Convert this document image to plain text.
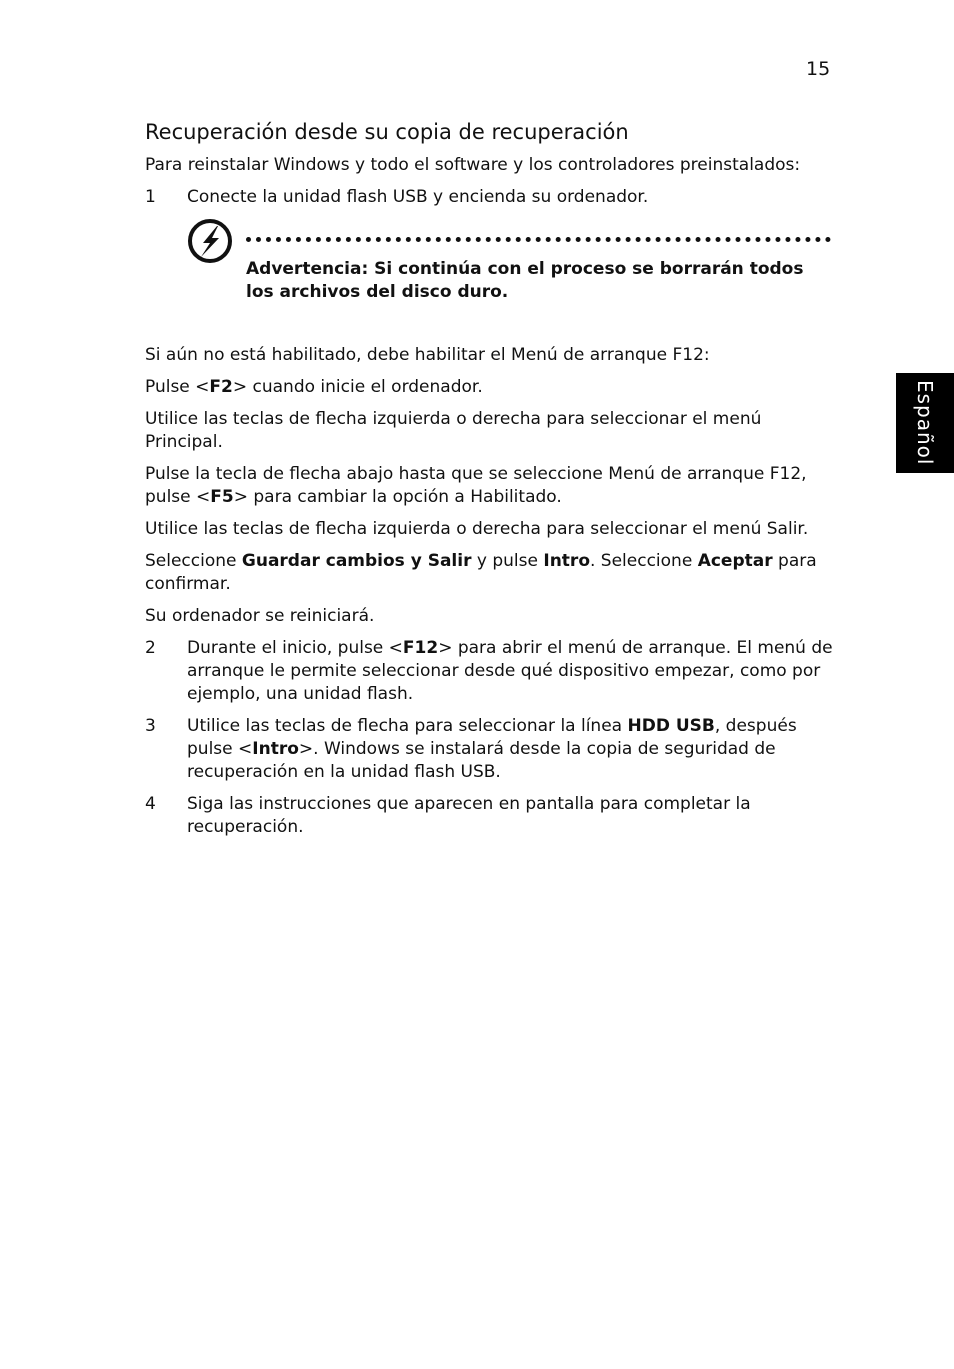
15
Español
Recuperación desde su copia de recuperación

Para reinstalar Windows y todo el software y los controladores preinstalados:

1	Conecte la unidad flash USB y encienda su ordenador.
Advertencia: Si continúa con el proceso se borrarán todos los archivos del disco duro.

Si aún no está habilitado, debe habilitar el Menú de arranque F12:

Pulse <F2> cuando inicie el ordenador.

Utilice las teclas de flecha izquierda o derecha para seleccionar el menú Principal.

Pulse la tecla de flecha abajo hasta que se seleccione Menú de arranque F12, pulse <F5> para cambiar la opción a Habilitado.

Utilice las teclas de flecha izquierda o derecha para seleccionar el menú Salir.

Seleccione Guardar cambios y Salir y pulse Intro. Seleccione Aceptar para confirmar.

Su ordenador se reiniciará.

2	Durante el inicio, pulse <F12> para abrir el menú de arranque. El menú de arranque le permite seleccionar desde qué dispositivo empezar, como por ejemplo, una unidad flash.
3	Utilice las teclas de flecha para seleccionar la línea HDD USB, después pulse <Intro>. Windows se instalará desde la copia de seguridad de recuperación en la unidad flash USB.
4	Siga las instrucciones que aparecen en pantalla para completar la recuperación.
